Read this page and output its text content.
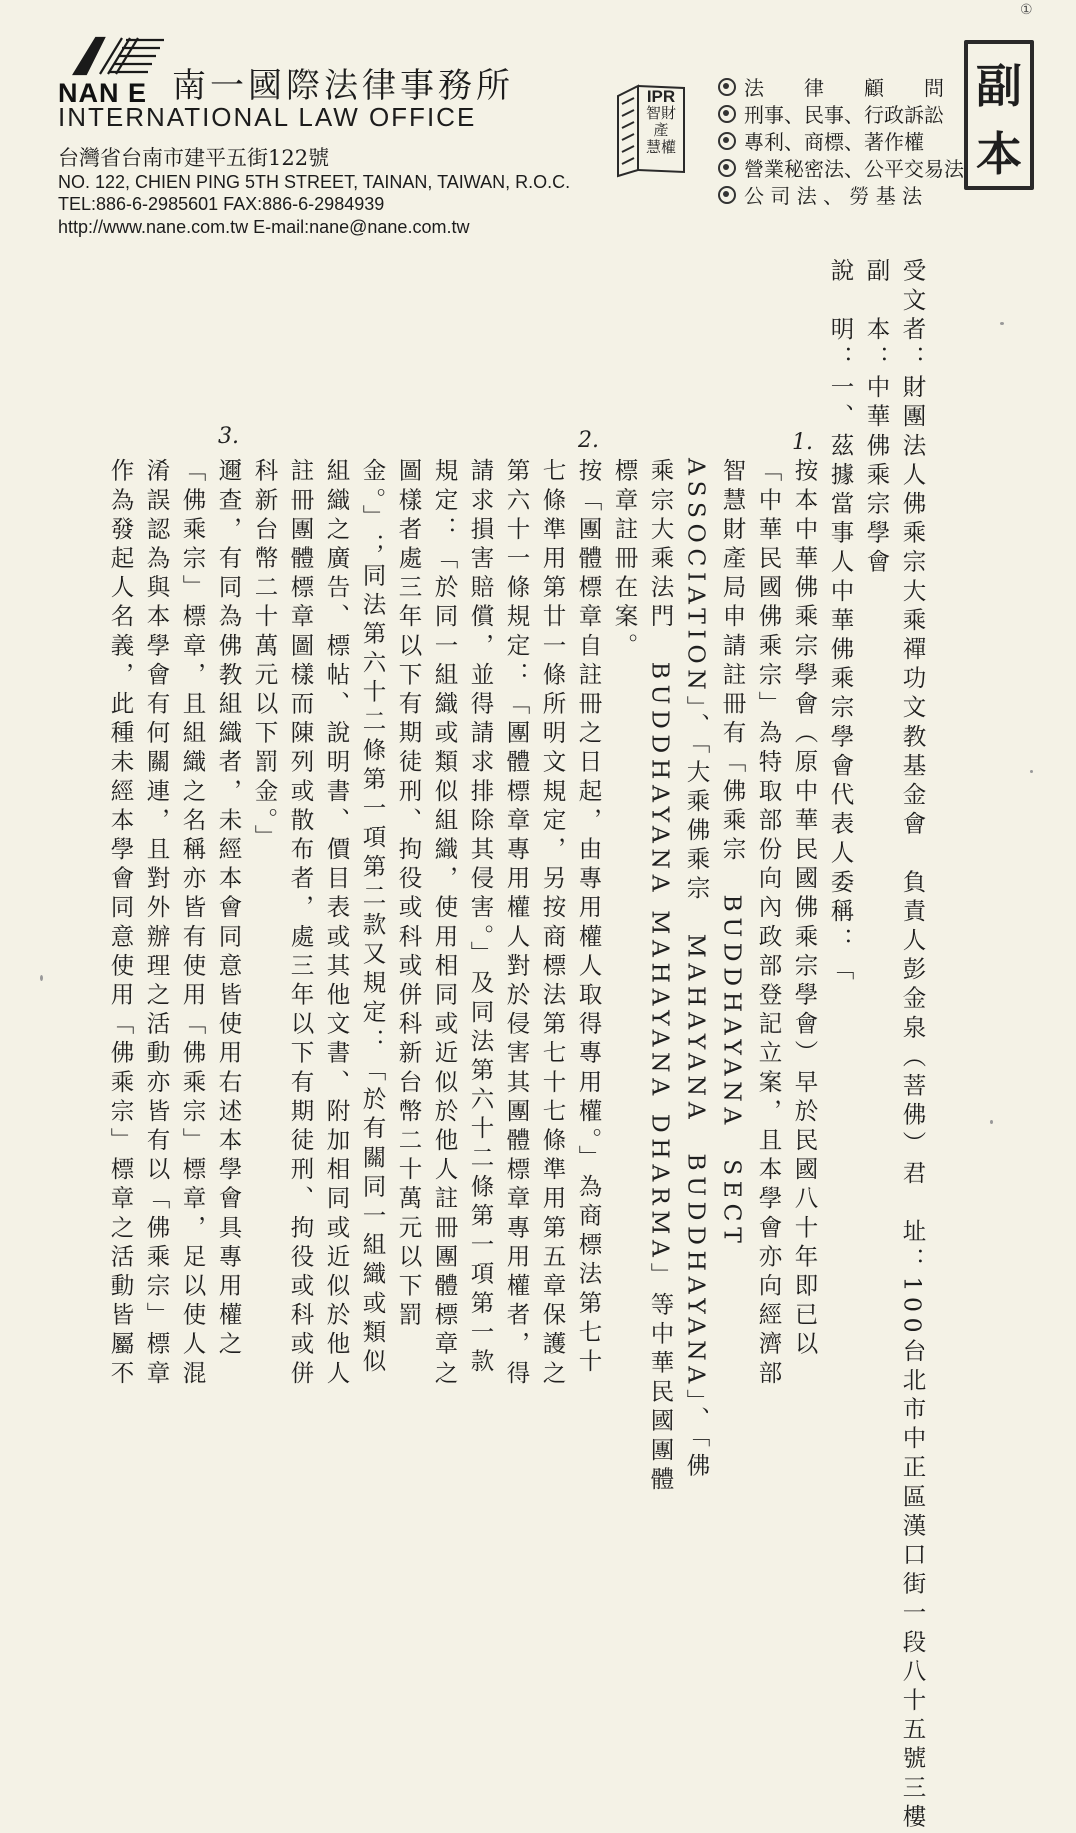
NAN E 南一國際法律事務所
INTERNATIONAL LAW OFFICE
台灣省台南市建平五街122號
NO. 122, CHIEN PING 5TH STREET, TAINAN, TAIWAN, R.O.C.
TEL:886-6-2985601 FAX:886-6-2984939
http://www.nane.com.tw E-mail:nane@nane.com.tw
IPR
智財
產
慧權
法　　律　　顧　　問
刑事、民事、行政訴訟
專利、商標、著作權
營業秘密法、公平交易法
公 司 法 、 勞 基 法
副
本
①
受文者：財團法人佛乘宗大乘禪功文教基金會　負責人彭金泉（菩佛）君　址：100台北市中正區漢口街一段八十五號三樓
副　本：中華佛乘宗學會
說　明：一、茲據當事人中華佛乘宗學會代表人委稱：「
1.
按本中華佛乘宗學會（原中華民國佛乘宗學會）早於民國八十年即已以
「中華民國佛乘宗」為特取部份向內政部登記立案，且本學會亦向經濟部
智慧財產局申請註冊有「佛乘宗　BUDDHAYANA　SECT
ASSOCIATION」、「大乘佛乘宗　MAHAYANA　BUDDHAYANA」、「佛
乘宗大乘法門　BUDDHAYANA MAHAYANA DHARMA」等中華民國團體
標章註冊在案。
2.
按「團體標章自註冊之日起，由專用權人取得專用權。」為商標法第七十
七條準用第廿一條所明文規定，另按商標法第七十七條準用第五章保護之
第六十一條規定：「團體標章專用權人對於侵害其團體標章專用權者，得
請求損害賠償，並得請求排除其侵害。」及同法第六十二條第一項第一款
規定：「於同一組織或類似組織，使用相同或近似於他人註冊團體標章之
圖樣者處三年以下有期徒刑、拘役或科或併科新台幣二十萬元以下罰
金。」；同法第六十二條第一項第二款又規定：「於有關同一組織或類似
組織之廣告、標帖、說明書、價目表或其他文書、附加相同或近似於他人
註冊團體標章圖樣而陳列或散布者，處三年以下有期徒刑、拘役或科或併
科新台幣二十萬元以下罰金。」
3.
邇查，有同為佛教組織者，未經本會同意皆使用右述本學會具專用權之
「佛乘宗」標章，且組織之名稱亦皆有使用「佛乘宗」標章，足以使人混
淆誤認為與本學會有何關連，且對外辦理之活動亦皆有以「佛乘宗」標章
作為發起人名義，此種未經本學會同意使用「佛乘宗」標章之活動皆屬不
